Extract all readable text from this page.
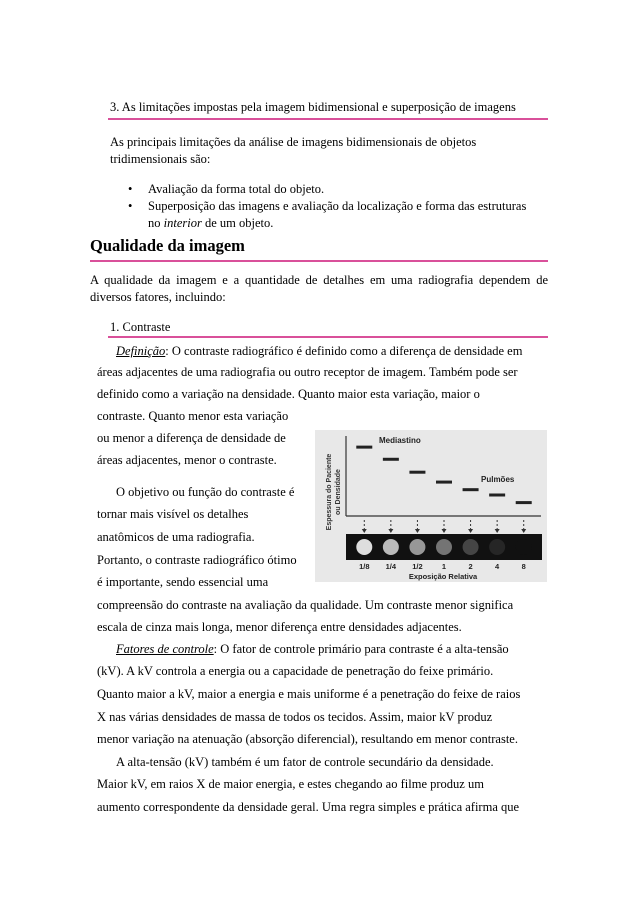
3. As limitações impostas pela imagem bidimensional e superposição de imagens
As principais limitações da análise de imagens bidimensionais de objetos
tridimensionais são:
• Avaliação da forma total do objeto.
• Superposição das imagens e avaliação da localização e forma das estruturas
no interior de um objeto.
Qualidade da imagem
A qualidade da imagem e a quantidade de detalhes em uma radiografia dependem de
diversos fatores, incluindo:
1. Contraste
Definição: O contraste radiográfico é definido como a diferença de densidade em
áreas adjacentes de uma radiografia ou outro receptor de imagem. Também pode ser
definido como a variação na densidade. Quanto maior esta variação, maior o
contraste. Quanto menor esta variação
ou menor a diferença de densidade de
áreas adjacentes, menor o contraste.
O objetivo ou função do contraste é
tornar mais visível os detalhes
anatômicos de uma radiografia.
Portanto, o contraste radiográfico ótimo
é importante, sendo essencial uma
compreensão do contraste na avaliação da qualidade. Um contraste menor significa
escala de cinza mais longa, menor diferença entre densidades adjacentes.
Fatores de controle: O fator de controle primário para contraste é a alta-tensão
(kV). A kV controla a energia ou a capacidade de penetração do feixe primário.
Quanto maior a kV, maior a energia e mais uniforme é a penetração do feixe de raios
X nas várias densidades de massa de todos os tecidos. Assim, maior kV produz
menor variação na atenuação (absorção diferencial), resultando em menor contraste.
A alta-tensão (kV) também é um fator de controle secundário da densidade.
Maior kV, em raios X de maior energia, e estes chegando ao filme produz um
aumento correspondente da densidade geral. Uma regra simples e prática afirma que
Espessura do Paciente ou Densidade
Mediastino
Pulmões
1/8 1/4 1/2	1	2	4	8
Exposição Relativa
